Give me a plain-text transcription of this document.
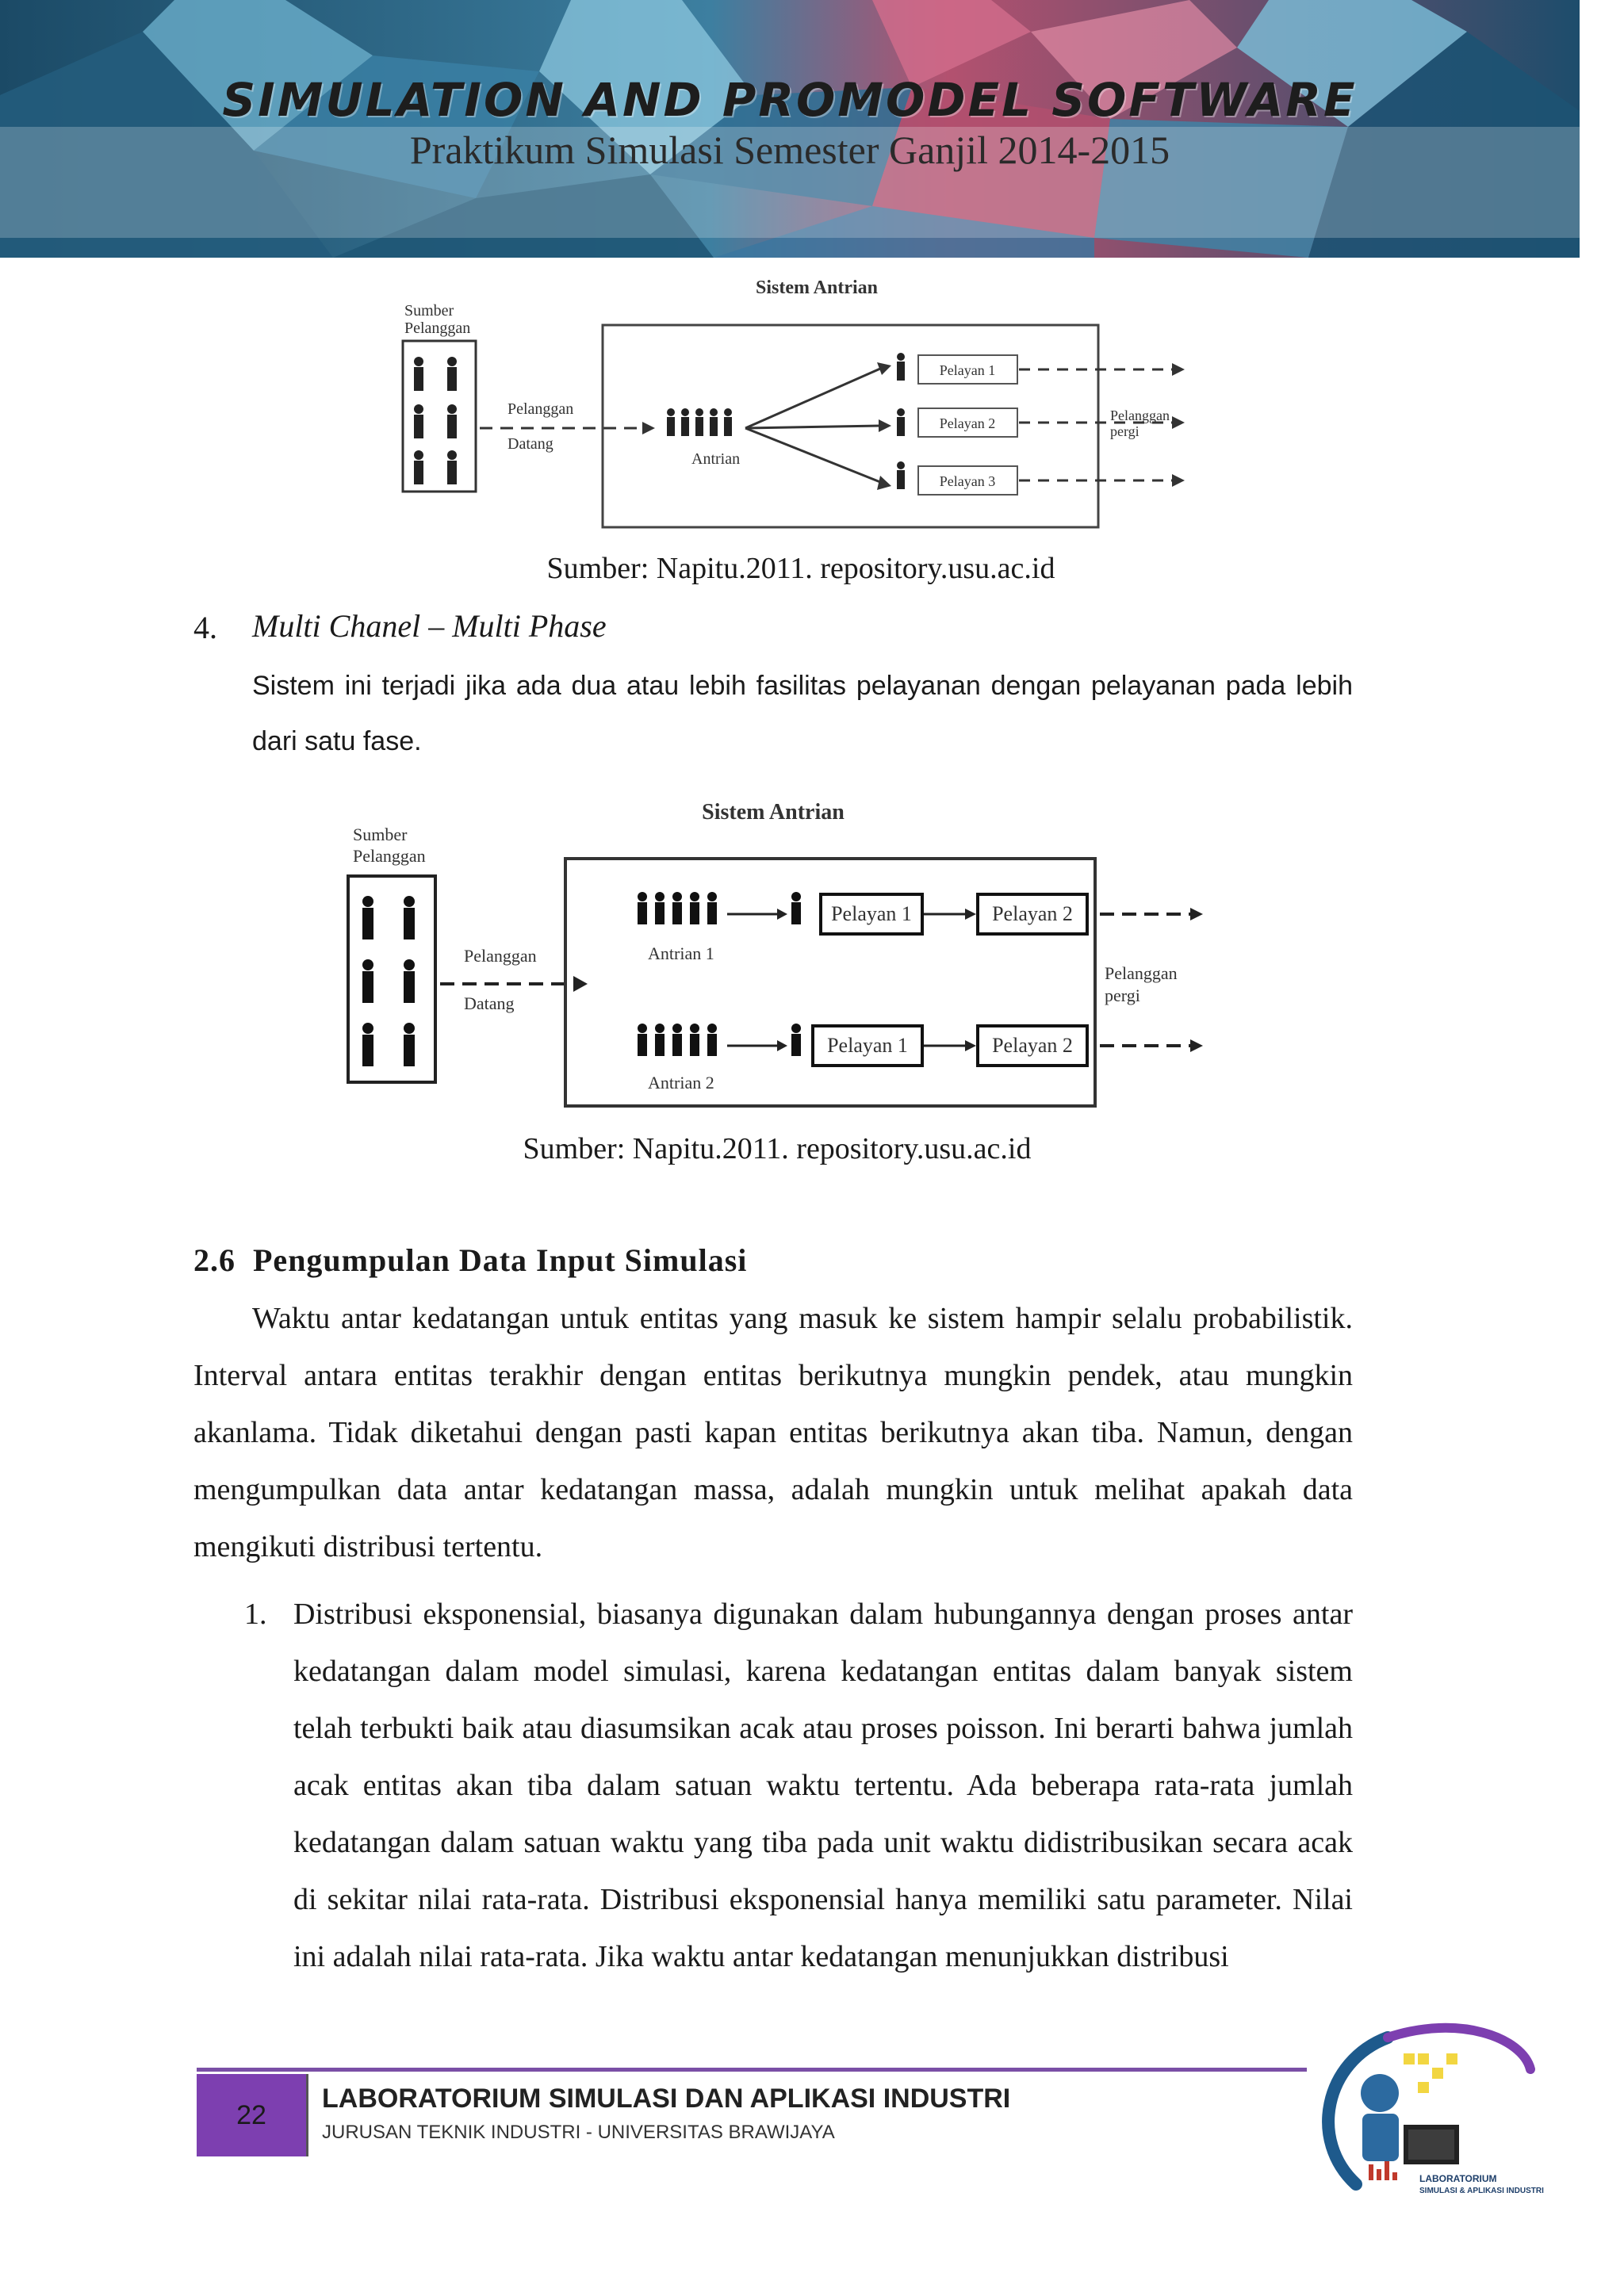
SIMULATION AND PROMODEL SOFTWARE
Praktikum Simulasi Semester Ganjil 2014-2015
Sistem Antrian
Sumber
Pelanggan
Pelanggan
Datang
Antrian
Pelayan 1
Pelayan 2
Pelayan 3
Pelanggan
pergi
Sumber: Napitu.2011. repository.usu.ac.id
4. Multi Chanel – Multi Phase
Sistem ini terjadi jika ada dua atau lebih fasilitas pelayanan dengan pelayanan pada lebih dari satu fase.
Sistem Antrian
Sumber
Pelanggan
Pelanggan
Datang
Antrian 1
Pelayan 1	Pelayan 2
Antrian 2
Pelayan 1	Pelayan 2
Pelanggan
pergi
Sumber: Napitu.2011. repository.usu.ac.id
2.6  Pengumpulan Data Input Simulasi
Waktu antar kedatangan untuk entitas yang masuk ke sistem hampir selalu probabilistik. Interval antara entitas terakhir dengan entitas berikutnya mungkin pendek, atau mungkin akanlama. Tidak diketahui dengan pasti kapan entitas berikutnya akan tiba. Namun, dengan mengumpulkan data antar kedatangan massa, adalah mungkin untuk melihat apakah data mengikuti distribusi tertentu.
1. Distribusi eksponensial, biasanya digunakan dalam hubungannya dengan proses antar kedatangan dalam model simulasi, karena kedatangan entitas dalam banyak sistem telah terbukti baik atau diasumsikan acak atau proses poisson. Ini berarti bahwa jumlah acak entitas akan tiba dalam satuan waktu tertentu. Ada beberapa rata-rata jumlah kedatangan dalam satuan waktu yang tiba pada unit waktu didistribusikan secara acak di sekitar nilai rata-rata. Distribusi eksponensial hanya memiliki satu parameter. Nilai ini adalah nilai rata-rata. Jika waktu antar kedatangan menunjukkan distribusi
22
LABORATORIUM SIMULASI DAN APLIKASI INDUSTRI
JURUSAN TEKNIK INDUSTRI - UNIVERSITAS BRAWIJAYA
LABORATORIUM
SIMULASI & APLIKASI INDUSTRI
